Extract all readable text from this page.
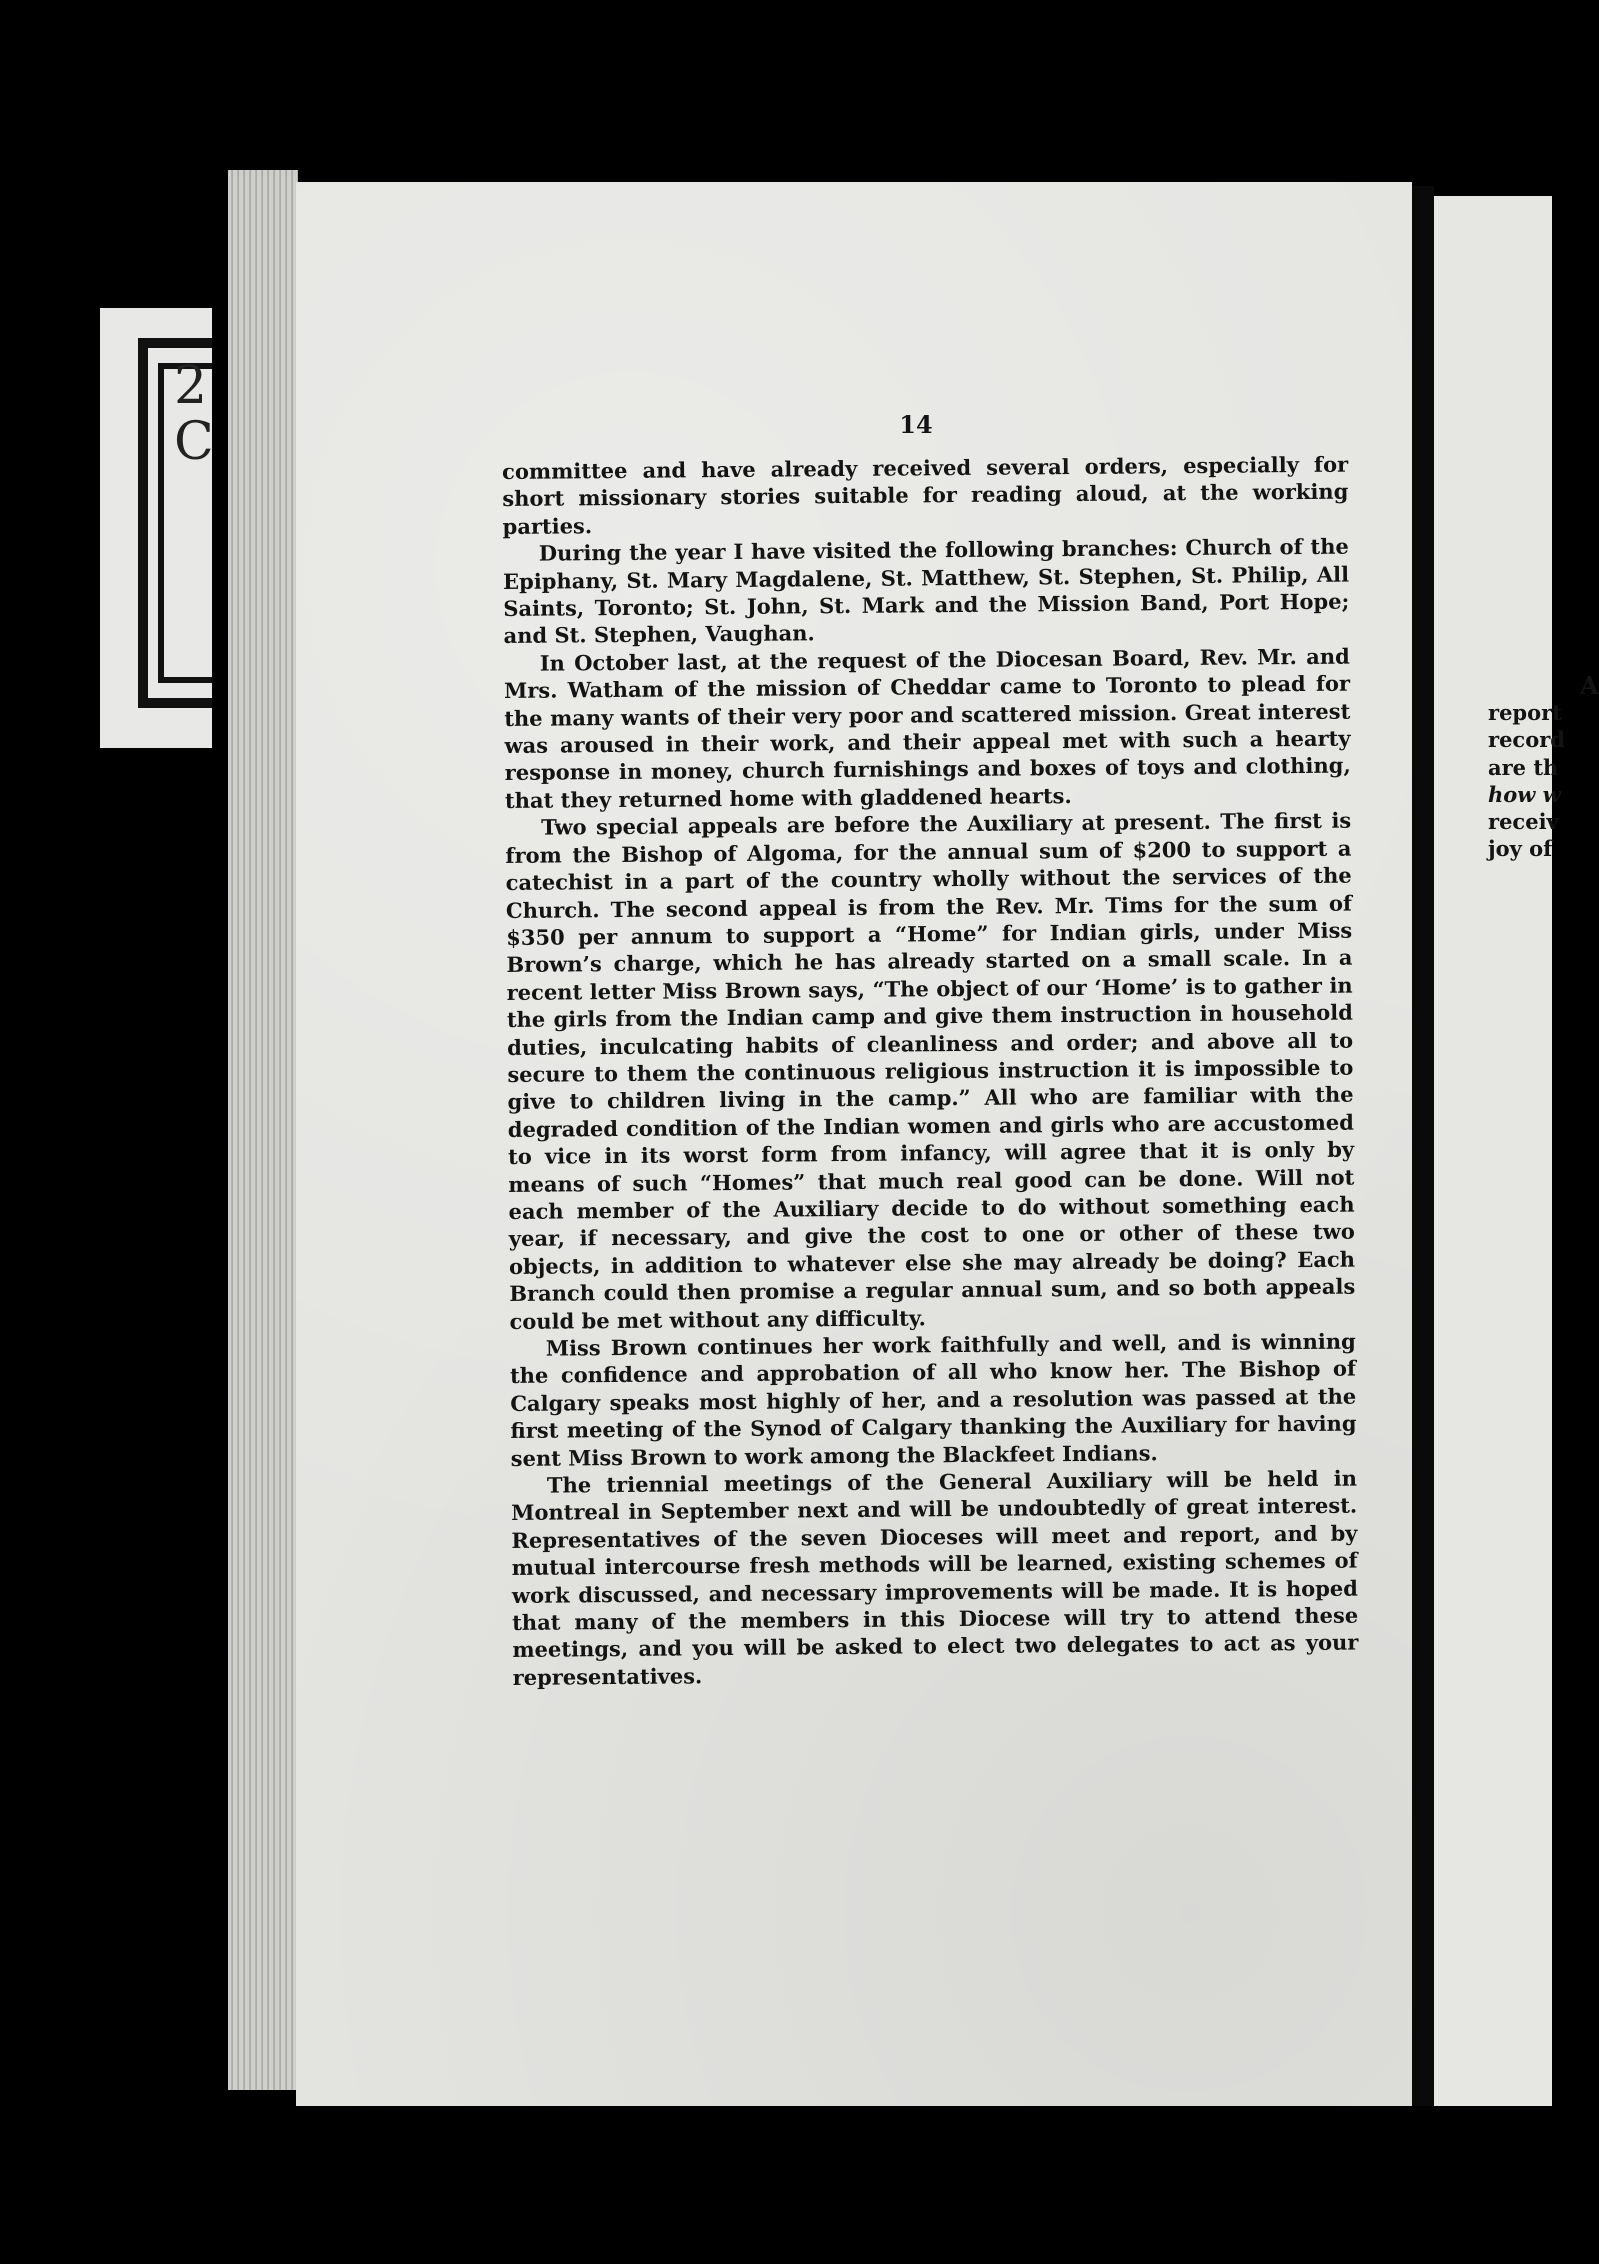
2
C	14

committee and have already received several orders, especially for short missionary stories suitable for reading aloud, at the working parties.

During the year I have visited the following branches: Church of the Epiphany, St. Mary Magdalene, St. Matthew, St. Stephen, St. Philip, All Saints, Toronto; St. John, St. Mark and the Mission Band, Port Hope; and St. Stephen, Vaughan.

In October last, at the request of the Diocesan Board, Rev. Mr. and Mrs. Watham of the mission of Cheddar came to Toronto to plead for the many wants of their very poor and scattered mission. Great interest was aroused in their work, and their appeal met with such a hearty response in money, church furnishings and boxes of toys and clothing, that they returned home with gladdened hearts.

Two special appeals are before the Auxiliary at present. The first is from the Bishop of Algoma, for the annual sum of $200 to support a catechist in a part of the country wholly without the services of the Church. The second appeal is from the Rev. Mr. Tims for the sum of $350 per annum to support a “Home” for Indian girls, under Miss Brown’s charge, which he has already started on a small scale. In a recent letter Miss Brown says, “The object of our ‘Home’ is to gather in the girls from the Indian camp and give them instruction in household duties, inculcating habits of cleanliness and order; and above all to secure to them the continuous religious instruction it is impossible to give to children living in the camp.” All who are familiar with the degraded condition of the Indian women and girls who are accustomed to vice in its worst form from infancy, will agree that it is only by means of such “Homes” that much real good can be done. Will not each member of the Auxiliary decide to do without something each year, if necessary, and give the cost to one or other of these two objects, in addition to whatever else she may already be doing? Each Branch could then promise a regular annual sum, and so both appeals could be met without any difficulty.

Miss Brown continues her work faithfully and well, and is winning the confidence and approbation of all who know her. The Bishop of Calgary speaks most highly of her, and a resolution was passed at the first meeting of the Synod of Calgary thanking the Auxiliary for having sent Miss Brown to work among the Blackfeet Indians.

The triennial meetings of the General Auxiliary will be held in Montreal in September next and will be undoubtedly of great interest. Representatives of the seven Dioceses will meet and report, and by mutual intercourse fresh methods will be learned, existing schemes of work discussed, and necessary improvements will be made. It is hoped that many of the members in this Diocese will try to attend these meetings, and you will be asked to elect two delegates to act as your representatives.

A
report
record
are th
how w
receiv
joy of
